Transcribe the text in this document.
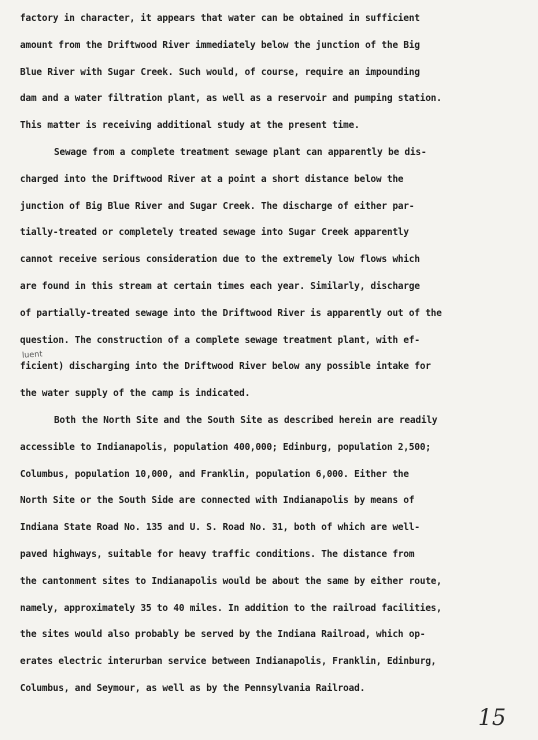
factory in character, it appears that water can be obtained in sufficient
amount from the Driftwood River immediately below the junction of the Big
Blue River with Sugar Creek. Such would, of course, require an impounding
dam and a water filtration plant, as well as a reservoir and pumping station.
This matter is receiving additional study at the present time.
Sewage from a complete treatment sewage plant can apparently be dis-
charged into the Driftwood River at a point a short distance below the
junction of Big Blue River and Sugar Creek. The discharge of either par-
tially-treated or completely treated sewage into Sugar Creek apparently
cannot receive serious consideration due to the extremely low flows which
are found in this stream at certain times each year. Similarly, discharge
of partially-treated sewage into the Driftwood River is apparently out of the
question. The construction of a complete sewage treatment plant, with ef-
ficient) discharging into the Driftwood River below any possible intake for
the water supply of the camp is indicated.
Both the North Site and the South Site as described herein are readily
accessible to Indianapolis, population 400,000; Edinburg, population 2,500;
Columbus, population 10,000, and Franklin, population 6,000. Either the
North Site or the South Side are connected with Indianapolis by means of
Indiana State Road No. 135 and U. S. Road No. 31, both of which are well-
paved highways, suitable for heavy traffic conditions. The distance from
the cantonment sites to Indianapolis would be about the same by either route,
namely, approximately 35 to 40 miles. In addition to the railroad facilities,
the sites would also probably be served by the Indiana Railroad, which op-
erates electric interurban service between Indianapolis, Franklin, Edinburg,
Columbus, and Seymour, as well as by the Pennsylvania Railroad.
luent
15
